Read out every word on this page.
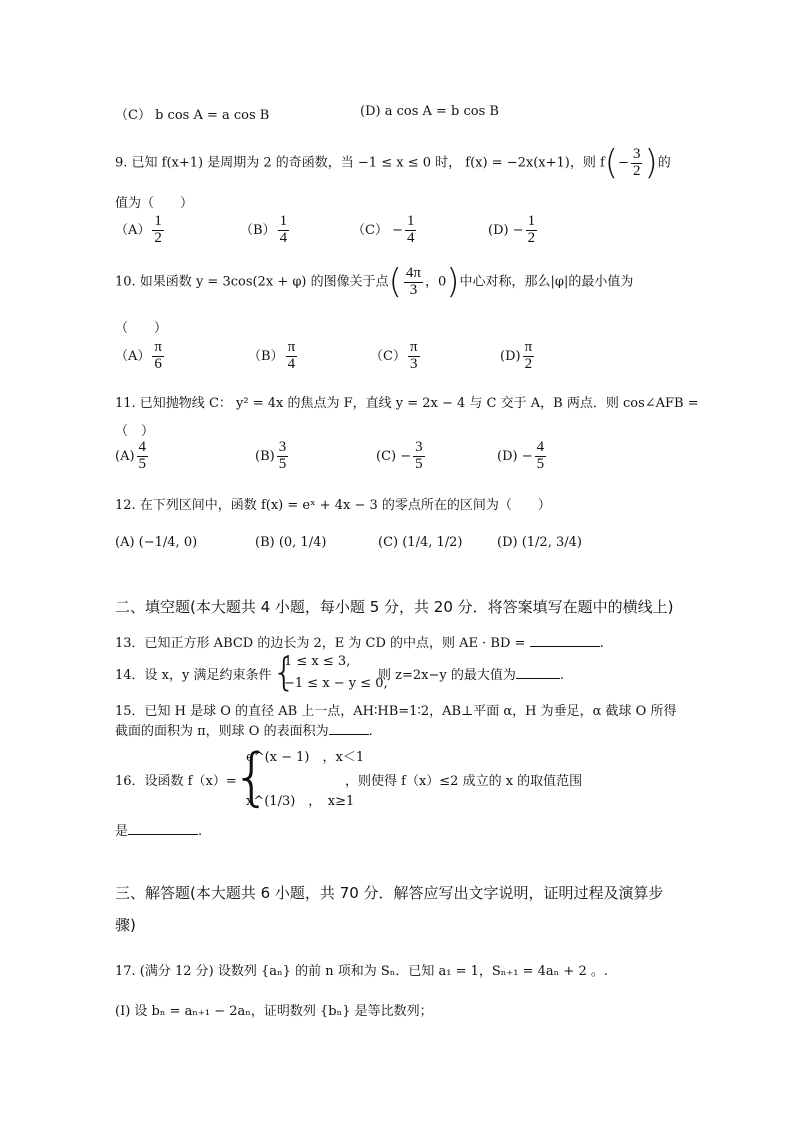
（C） b cos A = a cos B	(D) a cos A = b cos B
9. 已知 f(x+1) 是周期为 2 的奇函数，当 −1 ≤ x ≤ 0 时， f(x) = −2x(x+1)，则 $f(- \frac{3}{2}$ )的
值为（　　）
$(A) \frac{1}{2}$	$(B) \frac{1}{4}$	$(C) - \frac{1}{4}$	$(D) - \frac{1}{2}$
10. 如果函数 y = 3cos(2x + φ) 的图像关于点( $\frac{4\pi}{3}$ ，0)中心对称，那么|φ|的最小值为
（　　）
$(A) \frac{\pi}{6}$	$(B) \frac{\pi}{4}$	$(C) \frac{\pi}{3}$	$(D) \frac{\pi}{2}$
11. 已知抛物线 C： y² = 4x 的焦点为 F，直线 y = 2x − 4 与 C 交于 A，B 两点．则 cos∠AFB =
（　）
$(A) \frac{4}{5}$	$(B) \frac{3}{5}$	$(C) - \frac{3}{5}$	$(D) - \frac{4}{5}$
12. 在下列区间中，函数 f(x) = eˣ + 4x − 3 的零点所在的区间为（　　）
(A) (−1/4, 0)	(B) (0, 1/4)	(C) (1/4, 1/2)	(D) (1/2, 3/4)
二、填空题(本大题共 4 小题，每小题 5 分，共 20 分．将答案填写在题中的横线上)
13．已知正方形 ABCD 的边长为 2，E 为 CD 的中点，则 AE · BD =	.
14．设 x，y 满足约束条件 {
1 ≤ x ≤ 3,
−1 ≤ x − y ≤ 0,
则 z=2x−y 的最大值为	.
15．已知 H 是球 O 的直径 AB 上一点，AH∶HB=1∶2，AB⊥平面 α，H 为垂足，α 截球 O 所得
截面的面积为 π，则球 O 的表面积为	.
16．设函数 f（x）=
{
e^(x − 1)　，x＜1
x^(1/3)　，　x≥1
，则使得 f（x）≤2 成立的 x 的取值范围
是	.
三、解答题(本大题共 6 小题，共 70 分．解答应写出文字说明，证明过程及演算步
骤)
17. (满分 12 分) 设数列 {aₙ} 的前 n 项和为 Sₙ．已知 a₁ = 1，Sₙ₊₁ = 4aₙ + 2 。.
(Ⅰ) 设 bₙ = aₙ₊₁ − 2aₙ，证明数列 {bₙ} 是等比数列；
